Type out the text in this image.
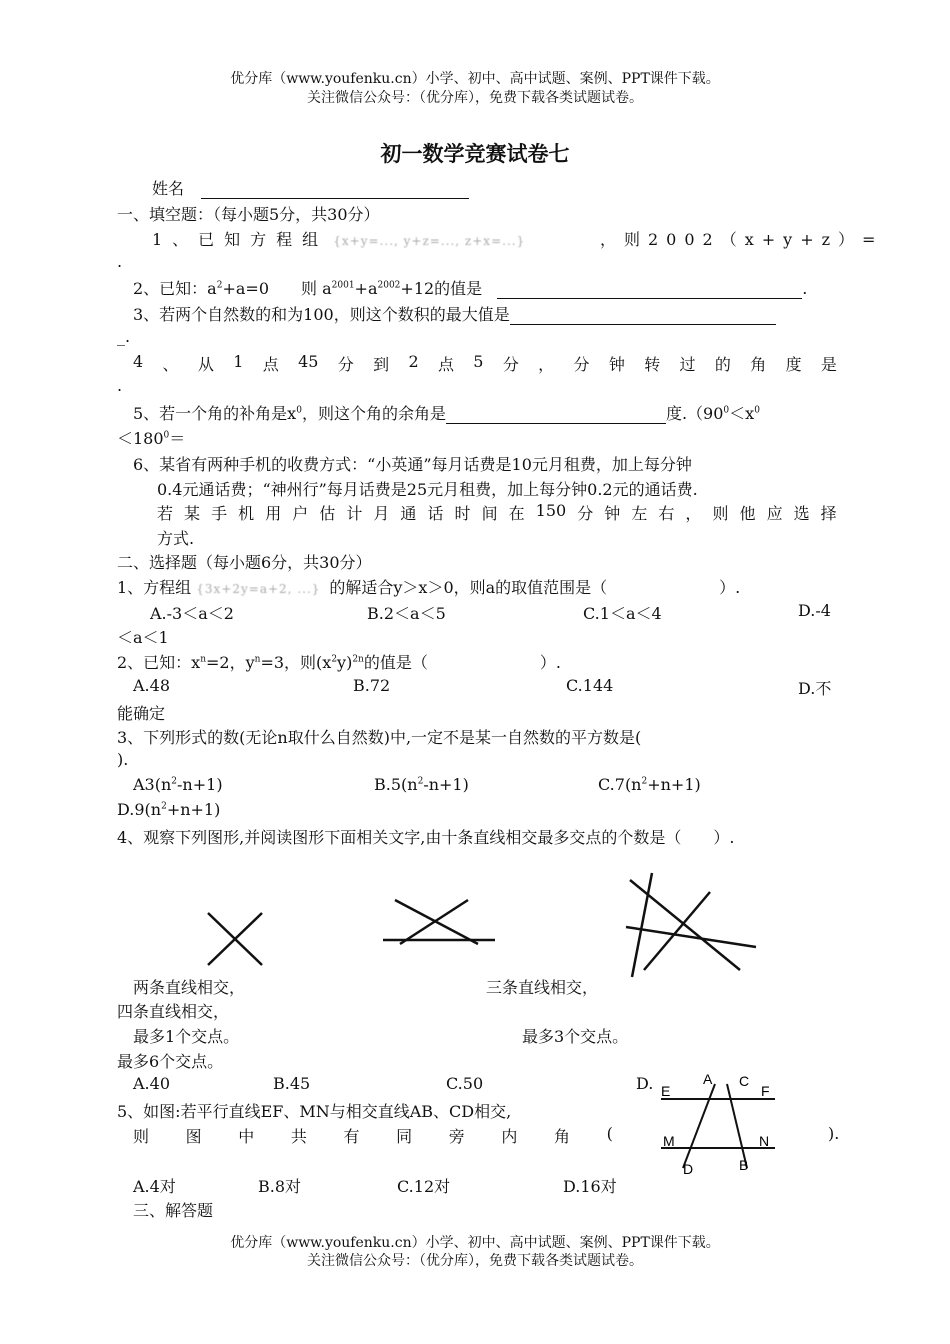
优分库（www.youfenku.cn）小学、初中、高中试题、案例、PPT课件下载。
关注微信公众号：（优分库），免费下载各类试题试卷。
初一数学竞赛试卷七
姓名
一、填空题：（每小题5分，共30分）
1、已知方程组 {x+y=..., y+z=..., z+x=...}	，则2002（x+y+z）=
.
2、已知：$a^2+a=0$　　则 $a^{2001}+a^{2002}+12$的值是	.
3、若两个自然数的和为100，则这个数积的最大值是
_.
4 、 从 1 点 45 分 到 2 点 5 分 ， 分 钟 转 过 的 角 度 是
.
5、若一个角的补角是$x^0$，则这个角的余角是	度$.(90^0<x^0$
$<180^0=$
6、某省有两种手机的收费方式：“小英通”每月话费是10元月租费，加上每分钟
0.4元通话费；“神州行”每月话费是25元月租费，加上每分钟0.2元的通话费.
若 某 手 机 用 户 估 计 月 通 话 时 间 在 150 分 钟 左 右 ， 则 他 应 选 择
方式.
二、选择题（每小题6分，共30分）
1、方程组 {3x+2y=a+2, ...} 的解适合y＞x＞0，则a的取值范围是（　　　　　　　）.
A.-3＜a＜2	B.2＜a＜5	C.1＜a＜4	D.-4
＜a＜1
2、已知：$x^n=2$，$y^n=3$，则$(x^2y)^{2n}$的值是（　　　　　　　）.
A.48	B.72	C.144	D.不
能确定
3、下列形式的数(无论n取什么自然数)中,一定不是某一自然数的平方数是(
).
$A3(n^2-n+1)$	$B.5(n^2-n+1)$	$C.7(n^2+n+1)$
$D.9(n^2+n+1)$
4、观察下列图形,并阅读图形下面相关文字,由十条直线相交最多交点的个数是（　　）.
两条直线相交，	三条直线相交，
四条直线相交，
最多1个交点。	最多3个交点。
最多6个交点。
A.40	B.45	C.50	D.
5、如图:若平行直线EF、MN与相交直线AB、CD相交,
则 图 中 共 有 同 旁 内 角 (	).
E
A C
F
M	N
D	B
A.4对	B.8对	C.12对	D.16对
三、解答题
优分库（www.youfenku.cn）小学、初中、高中试题、案例、PPT课件下载。
关注微信公众号：（优分库），免费下载各类试题试卷。
